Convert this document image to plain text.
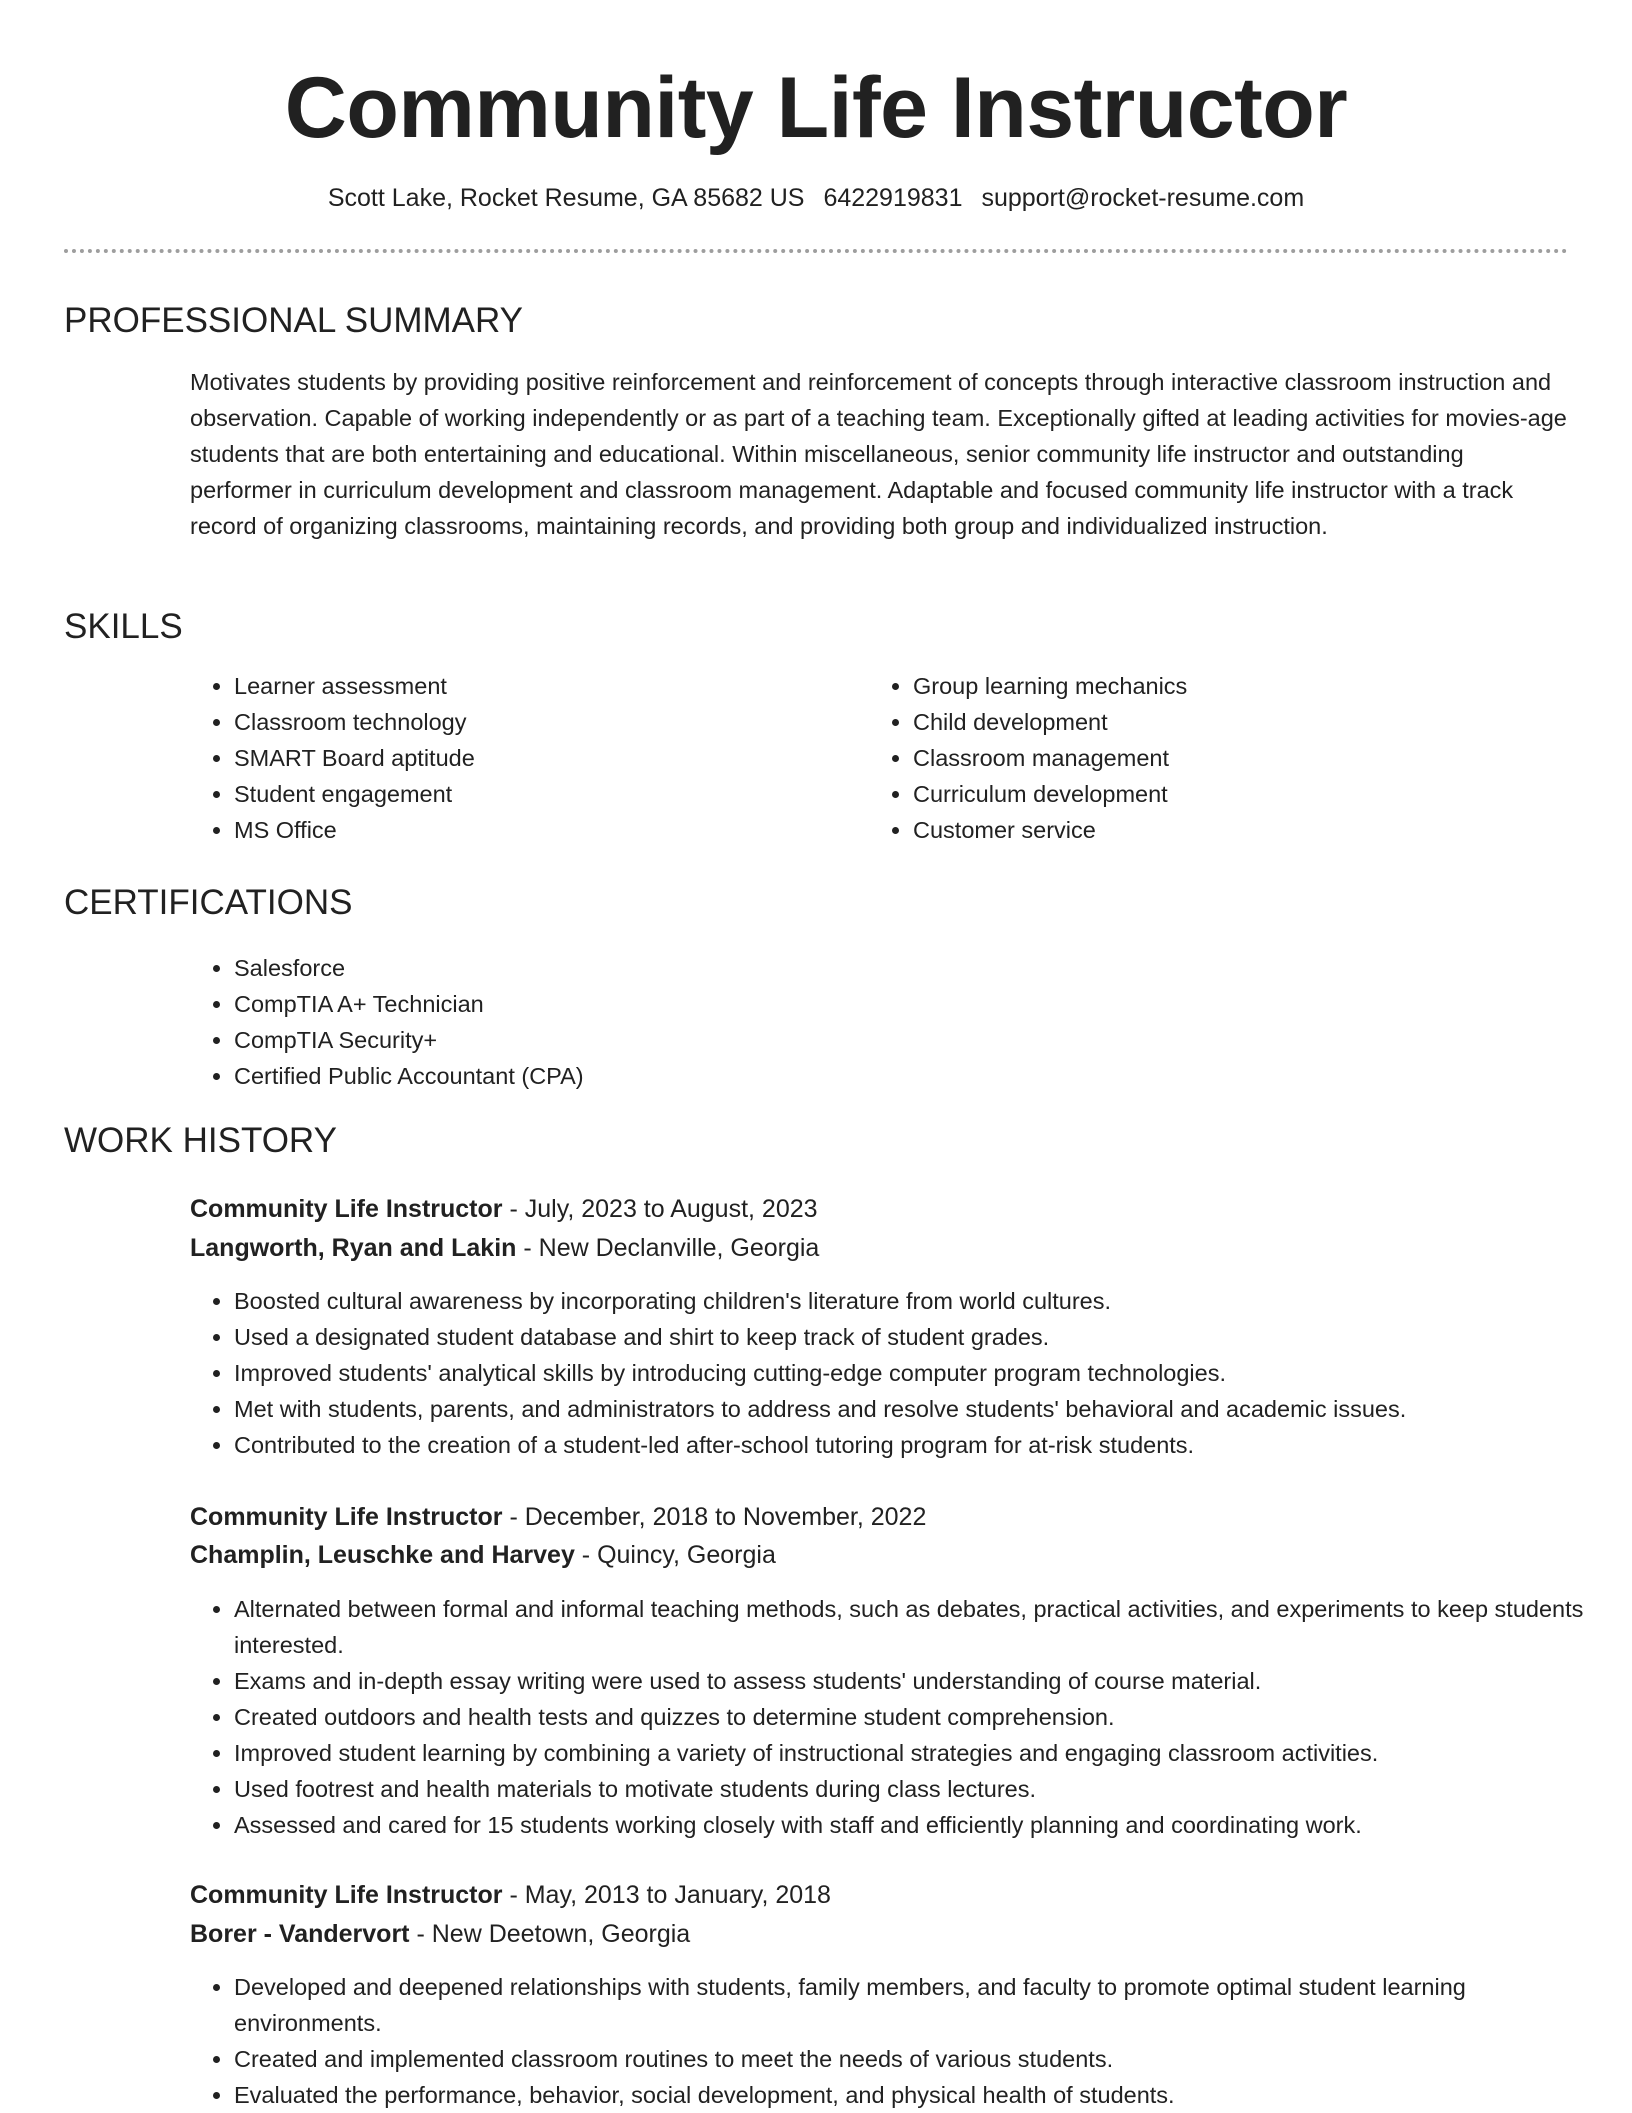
Community Life Instructor
Scott Lake, Rocket Resume, GA 85682 US 6422919831 support@rocket-resume.com
PROFESSIONAL SUMMARY

Motivates students by providing positive reinforcement and reinforcement of concepts through interactive classroom instruction and observation. Capable of working independently or as part of a teaching team. Exceptionally gifted at leading activities for movies-age students that are both entertaining and educational. Within miscellaneous, senior community life instructor and outstanding performer in curriculum development and classroom management. Adaptable and focused community life instructor with a track record of organizing classrooms, maintaining records, and providing both group and individualized instruction.

SKILLS
• Learner assessment
• Classroom technology
• SMART Board aptitude
• Student engagement
• MS Office
• Group learning mechanics
• Child development
• Classroom management
• Curriculum development
• Customer service
CERTIFICATIONS
• Salesforce
• CompTIA A+ Technician
• CompTIA Security+
• Certified Public Accountant (CPA)
WORK HISTORY

Community Life Instructor - July, 2023 to August, 2023

Langworth, Ryan and Lakin - New Declanville, Georgia

• Boosted cultural awareness by incorporating children's literature from world cultures.
• Used a designated student database and shirt to keep track of student grades.
• Improved students' analytical skills by introducing cutting-edge computer program technologies.
• Met with students, parents, and administrators to address and resolve students' behavioral and academic issues.
• Contributed to the creation of a student-led after-school tutoring program for at-risk students.

Community Life Instructor - December, 2018 to November, 2022

Champlin, Leuschke and Harvey - Quincy, Georgia

• Alternated between formal and informal teaching methods, such as debates, practical activities, and experiments to keep students interested.
• Exams and in-depth essay writing were used to assess students' understanding of course material.
• Created outdoors and health tests and quizzes to determine student comprehension.
• Improved student learning by combining a variety of instructional strategies and engaging classroom activities.
• Used footrest and health materials to motivate students during class lectures.
• Assessed and cared for 15 students working closely with staff and efficiently planning and coordinating work.

Community Life Instructor - May, 2013 to January, 2018

Borer - Vandervort - New Deetown, Georgia

• Developed and deepened relationships with students, family members, and faculty to promote optimal student learning environments.
• Created and implemented classroom routines to meet the needs of various students.
• Evaluated the performance, behavior, social development, and physical health of students.
